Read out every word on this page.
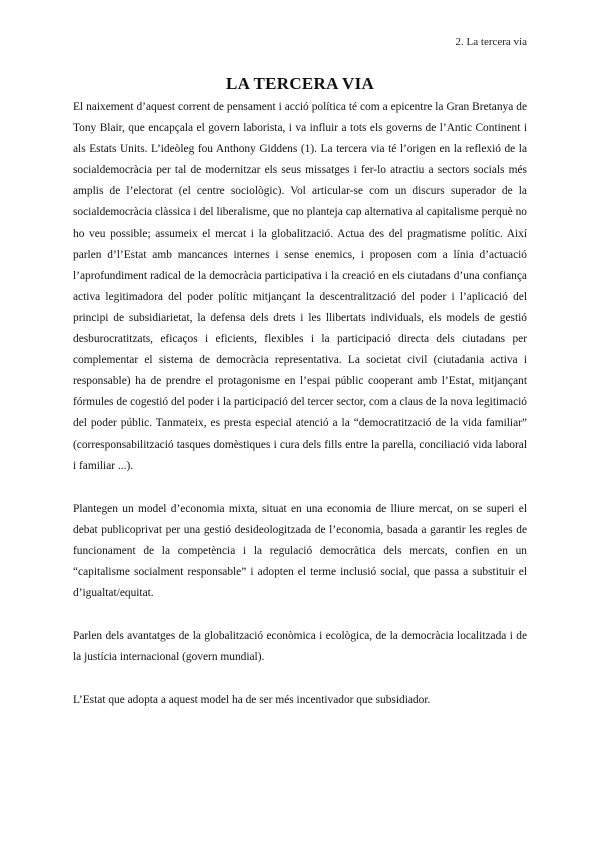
2. La tercera via
LA TERCERA VIA

El naixement d’aquest corrent de pensament i acció política té com a epicentre la Gran Bretanya de Tony Blair, que encapçala el govern laborista, i va influir a tots els governs de l’Antic Continent i als Estats Units. L’ideòleg fou Anthony Giddens (1). La tercera via té l’origen en la reflexió de la socialdemocràcia per tal de modernitzar els seus missatges i fer-lo atractiu a sectors socials més amplis de l’electorat (el centre sociològic). Vol articular-se com un discurs superador de la socialdemocràcia clàssica i del liberalisme, que no planteja cap alternativa al capitalisme perquè no ho veu possible; assumeix el mercat i la globalització. Actua des del pragmatisme polític. Així parlen d’l’Estat amb mancances internes i sense enemics, i proposen com a línia d’actuació l’aprofundiment radical de la democràcia participativa i la creació en els ciutadans d’una confiança activa legitimadora del poder polític mitjançant la descentralització del poder i l’aplicació del principi de subsidiarietat, la defensa dels drets i les llibertats individuals, els models de gestió desburocratitzats, eficaços i eficients, flexibles i la participació directa dels ciutadans per complementar el sistema de democràcia representativa. La societat civil (ciutadania activa i responsable) ha de prendre el protagonisme en l’espai públic cooperant amb l’Estat, mitjançant fórmules de cogestió del poder i la participació del tercer sector, com a claus de la nova legitimació del poder públic. Tanmateix, es presta especial atenció a la “democratització de la vida familiar” (corresponsabilització tasques domèstiques i cura dels fills entre la parella, conciliació vida laboral i familiar ...).

Plantegen un model d’economia mixta, situat en una economia de lliure mercat, on se superi el debat publicoprivat per una gestió desideologitzada de l’economia, basada a garantir les regles de funcionament de la competència i la regulació democràtica dels mercats, confien en un “capitalisme socialment responsable” i adopten el terme inclusió social, que passa a substituir el d’igualtat/equitat.

Parlen dels avantatges de la globalització econòmica i ecològica, de la democràcia localitzada i de la justícia internacional (govern mundial).

L’Estat que adopta a aquest model ha de ser més incentivador que subsidiador.
